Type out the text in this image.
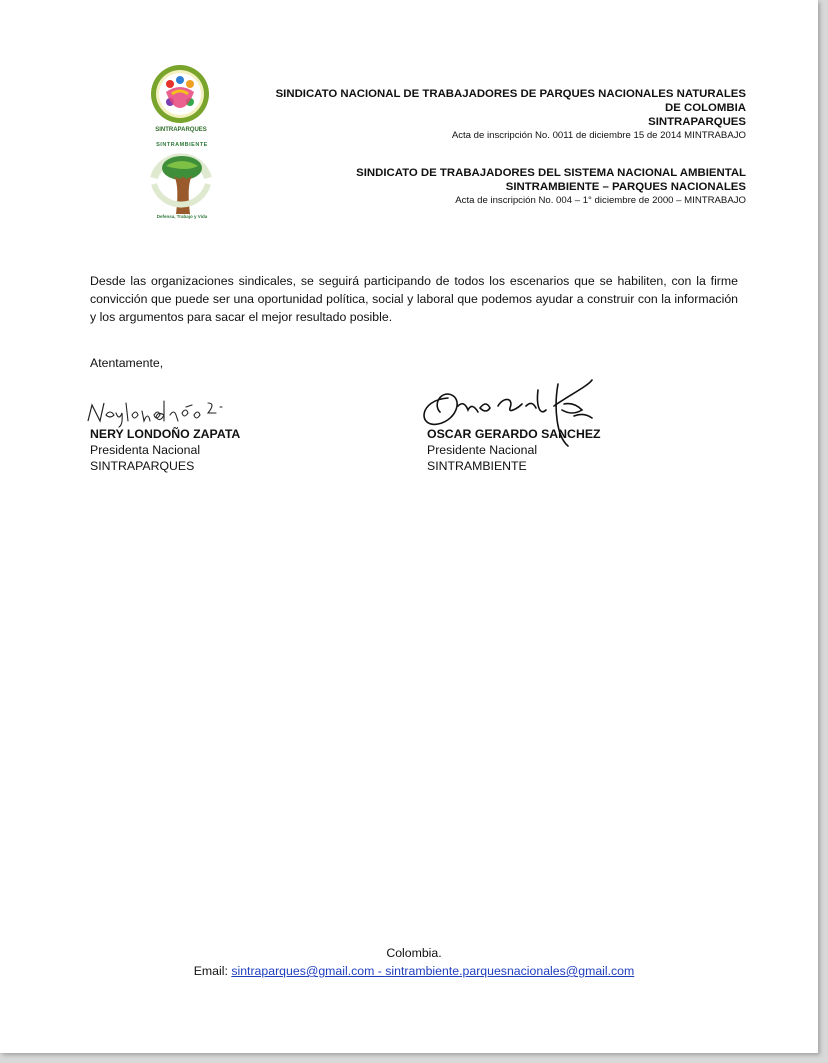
SINTRAPARQUES
SINTRAMBIENTE
Defensa, Trabajo y Vida
SINDICATO NACIONAL DE TRABAJADORES DE PARQUES NACIONALES NATURALES
DE COLOMBIA
SINTRAPARQUES
Acta de inscripción No. 0011 de diciembre 15 de 2014 MINTRABAJO
SINDICATO DE TRABAJADORES DEL SISTEMA NACIONAL AMBIENTAL
SINTRAMBIENTE – PARQUES NACIONALES
Acta de inscripción No. 004 – 1° diciembre de 2000 – MINTRABAJO
Desde las organizaciones sindicales, se seguirá participando de todos los escenarios que se habiliten, con la firme convicción que puede ser una oportunidad política, social y laboral que podemos ayudar a construir con la información y los argumentos para sacar el mejor resultado posible.
Atentamente,
NERY LONDOÑO ZAPATA
Presidenta Nacional
SINTRAPARQUES
OSCAR GERARDO SANCHEZ
Presidente Nacional
SINTRAMBIENTE
Colombia.
Email: sintraparques@gmail.com - sintrambiente.parquesnacionales@gmail.com
